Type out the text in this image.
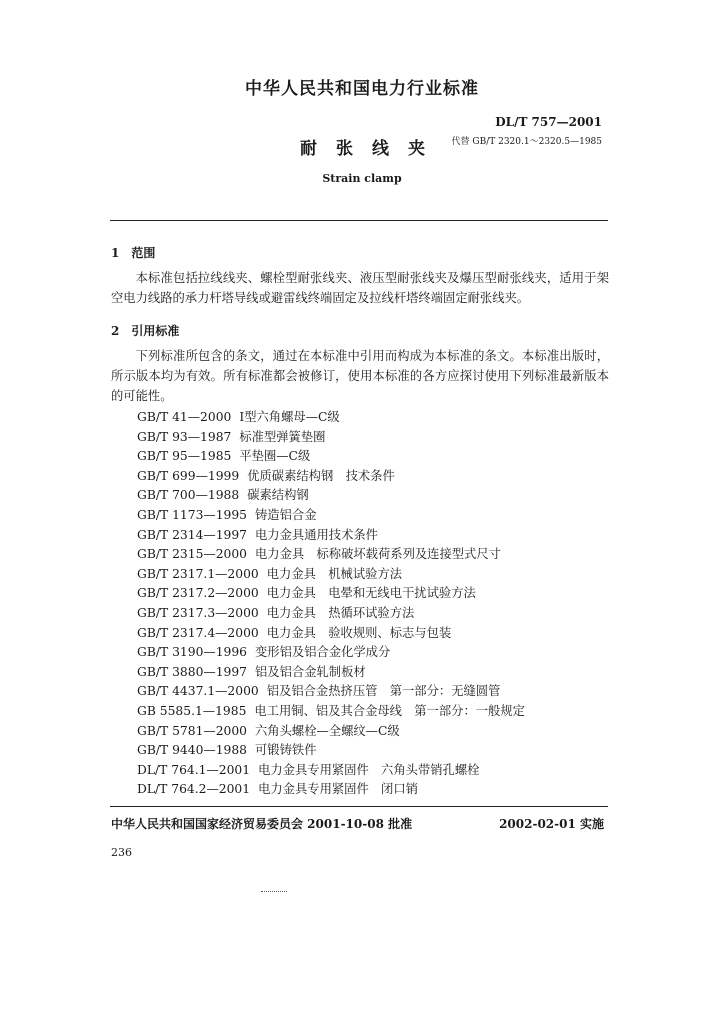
中华人民共和国电力行业标准
DL/T 757—2001
耐张线夹 代替 GB/T 2320.1～2320.5—1985
Strain clamp
1　范围
本标准包括拉线线夹、螺栓型耐张线夹、液压型耐张线夹及爆压型耐张线夹，适用于架空电力线路的承力杆塔导线或避雷线终端固定及拉线杆塔终端固定耐张线夹。
2　引用标准
下列标准所包含的条文，通过在本标准中引用而构成为本标准的条文。本标准出版时，所示版本均为有效。所有标准都会被修订，使用本标准的各方应探讨使用下列标准最新版本的可能性。
GB/T 41—2000 Ⅰ型六角螺母—C级
GB/T 93—1987 标准型弹簧垫圈
GB/T 95—1985 平垫圈—C级
GB/T 699—1999 优质碳素结构钢　技术条件
GB/T 700—1988 碳素结构钢
GB/T 1173—1995 铸造铝合金
GB/T 2314—1997 电力金具通用技术条件
GB/T 2315—2000 电力金具　标称破坏载荷系列及连接型式尺寸
GB/T 2317.1—2000 电力金具　机械试验方法
GB/T 2317.2—2000 电力金具　电晕和无线电干扰试验方法
GB/T 2317.3—2000 电力金具　热循环试验方法
GB/T 2317.4—2000 电力金具　验收规则、标志与包装
GB/T 3190—1996 变形铝及铝合金化学成分
GB/T 3880—1997 铝及铝合金轧制板材
GB/T 4437.1—2000 铝及铝合金热挤压管　第一部分：无缝圆管
GB 5585.1—1985 电工用铜、铝及其合金母线　第一部分：一般规定
GB/T 5781—2000 六角头螺栓—全螺纹—C级
GB/T 9440—1988 可锻铸铁件
DL/T 764.1—2001 电力金具专用紧固件　六角头带销孔螺栓
DL/T 764.2—2001 电力金具专用紧固件　闭口销
中华人民共和国国家经济贸易委员会 2001-10-08 批准	2002-02-01 实施
236
